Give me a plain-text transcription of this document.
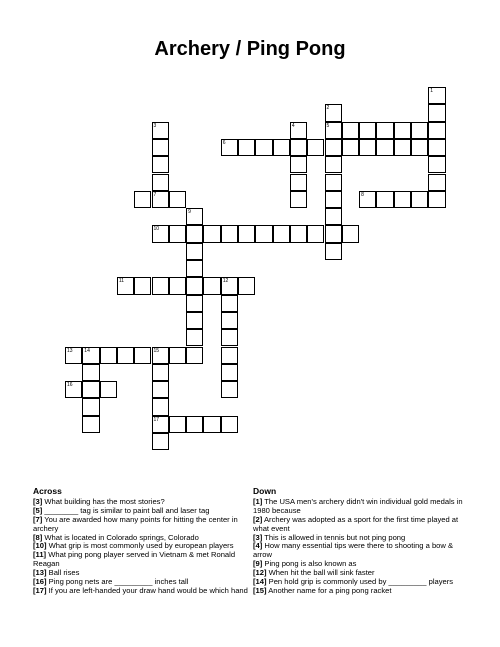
Archery / Ping Pong
1
2
5
3
7
4
6
8
9
10
11	12
13 14	15
16
17
Across

[3] What building has the most stories?

[5] ________ tag is similar to paint ball and laser tag

[7] You are awarded how many points for hitting the center in archery

[8] What is located in Colorado springs, Colorado

[10] What grip is most commonly used by european players

[11] What ping pong player served in Vietnam & met Ronald Reagan

[13] Ball rises

[16] Ping pong nets are _________ inches tall

[17] If you are left-handed your draw hand would be which hand

Down

[1] The USA men's archery didn't win individual gold medals in 1980 because

[2] Archery was adopted as a sport for the first time played at what event

[3] This is allowed in tennis but not ping pong

[4] How many essential tips were there to shooting a bow & arrow

[9] Ping pong is also known as

[12] When hit the ball will sink faster

[14] Pen hold grip is commonly used by _________ players

[15] Another name for a ping pong racket
